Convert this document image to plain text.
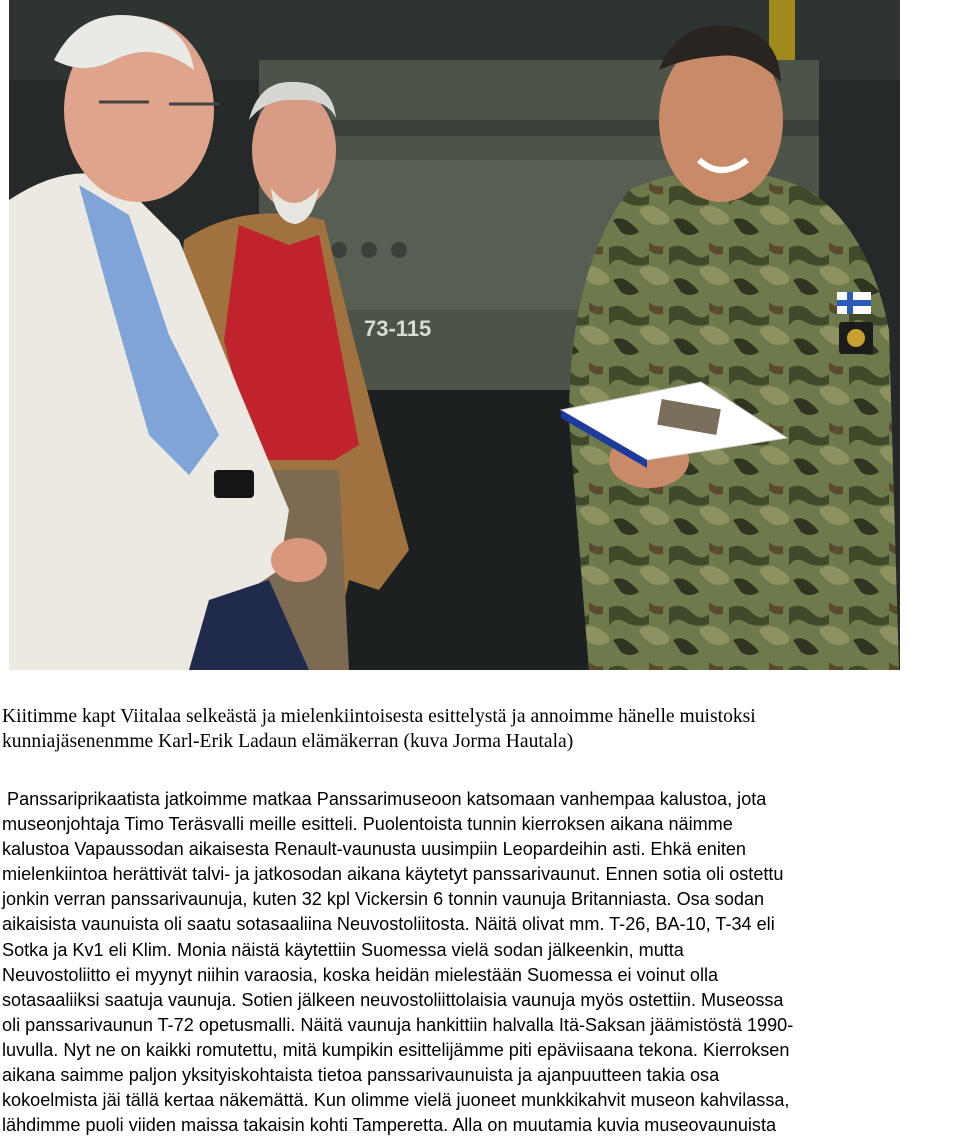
73-115
Kiitimme kapt Viitalaa selkeästä ja mielenkiintoisesta esittelystä ja annoimme hänelle muistoksi
kunniajäsenenmme Karl-Erik Ladaun elämäkerran (kuva Jorma Hautala)
Panssariprikaatista jatkoimme matkaa Panssarimuseoon katsomaan vanhempaa kalustoa, jota
museonjohtaja Timo Teräsvalli meille esitteli. Puolentoista tunnin kierroksen aikana näimme
kalustoa Vapaussodan aikaisesta Renault-vaunusta uusimpiin Leopardeihin asti. Ehkä eniten
mielenkiintoa herättivät talvi- ja jatkosodan aikana käytetyt panssarivaunut. Ennen sotia oli ostettu
jonkin verran panssarivaunuja, kuten 32 kpl Vickersin 6 tonnin vaunuja Britanniasta. Osa sodan
aikaisista vaunuista oli saatu sotasaaliina Neuvostoliitosta. Näitä olivat mm. T-26, BA-10, T-34 eli
Sotka ja Kv1 eli Klim. Monia näistä käytettiin Suomessa vielä sodan jälkeenkin, mutta
Neuvostoliitto ei myynyt niihin varaosia, koska heidän mielestään Suomessa ei voinut olla
sotasaaliiksi saatuja vaunuja. Sotien jälkeen neuvostoliittolaisia vaunuja myös ostettiin. Museossa
oli panssarivaunun T-72 opetusmalli. Näitä vaunuja hankittiin halvalla Itä-Saksan jäämistöstä 1990-
luvulla. Nyt ne on kaikki romutettu, mitä kumpikin esittelijämme piti epäviisaana tekona. Kierroksen
aikana saimme paljon yksityiskohtaista tietoa panssarivaunuista ja ajanpuutteen takia osa
kokoelmista jäi tällä kertaa näkemättä. Kun olimme vielä juoneet munkkikahvit museon kahvilassa,
lähdimme puoli viiden maissa takaisin kohti Tamperetta. Alla on muutamia kuvia museovaunuista
